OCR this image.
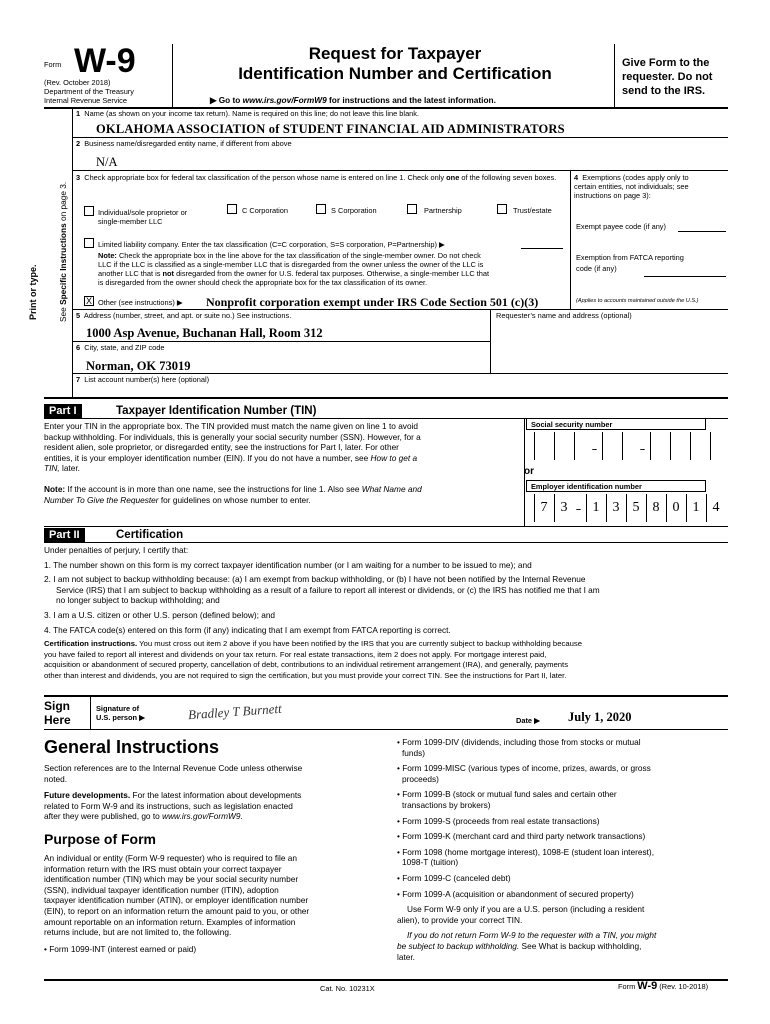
Form W-9
(Rev. October 2018)
Department of the Treasury
Internal Revenue Service
Request for Taxpayer
Identification Number and Certification
▶ Go to www.irs.gov/FormW9 for instructions and the latest information.
Give Form to the
requester. Do not
send to the IRS.
Print or type. See Specific Instructions on page 3.
1 Name (as shown on your income tax return). Name is required on this line; do not leave this line blank.
OKLAHOMA ASSOCIATION of STUDENT FINANCIAL AID ADMINISTRATORS
2 Business name/disregarded entity name, if different from above
N/A
3 Check appropriate box for federal tax classification of the person whose name is entered on line 1. Check only one of the following seven boxes.
Individual/sole proprietor or
single-member LLC
C Corporation	S Corporation	Partnership	Trust/estate
Limited liability company. Enter the tax classification (C=C corporation, S=S corporation, P=Partnership) ▶
Note: Check the appropriate box in the line above for the tax classification of the single-member owner. Do not check
LLC if the LLC is classified as a single-member LLC that is disregarded from the owner unless the owner of the LLC is
another LLC that is not disregarded from the owner for U.S. federal tax purposes. Otherwise, a single-member LLC that
is disregarded from the owner should check the appropriate box for the tax classification of its owner.
X Other (see instructions) ▶ Nonprofit corporation exempt under IRS Code Section 501 (c)(3)
4 Exemptions (codes apply only to
certain entities, not individuals; see
instructions on page 3):
Exempt payee code (if any)
Exemption from FATCA reporting
code (if any)
(Applies to accounts maintained outside the U.S.)
5 Address (number, street, and apt. or suite no.) See instructions.	Requester’s name and address (optional)
1000 Asp Avenue, Buchanan Hall, Room 312
6 City, state, and ZIP code
Norman, OK 73019
7 List account number(s) here (optional)
Part I	Taxpayer Identification Number (TIN)
Enter your TIN in the appropriate box. The TIN provided must match the name given on line 1 to avoid
backup withholding. For individuals, this is generally your social security number (SSN). However, for a
resident alien, sole proprietor, or disregarded entity, see the instructions for Part I, later. For other
entities, it is your employer identification number (EIN). If you do not have a number, see How to get a
TIN, later.
Note: If the account is in more than one name, see the instructions for line 1. Also see What Name and
Number To Give the Requester for guidelines on whose number to enter.
Social security number
–	–
or
Employer identification number
7 3 – 1 3 5 8 0 1 4
Part II	Certification

Under penalties of perjury, I certify that:

1. The number shown on this form is my correct taxpayer identification number (or I am waiting for a number to be issued to me); and

2. I am not subject to backup withholding because: (a) I am exempt from backup withholding, or (b) I have not been notified by the Internal Revenue
Service (IRS) that I am subject to backup withholding as a result of a failure to report all interest or dividends, or (c) the IRS has notified me that I am

no longer subject to backup withholding; and

3. I am a U.S. citizen or other U.S. person (defined below); and

4. The FATCA code(s) entered on this form (if any) indicating that I am exempt from FATCA reporting is correct.

Certification instructions. You must cross out item 2 above if you have been notified by the IRS that you are currently subject to backup withholding because
you have failed to report all interest and dividends on your tax return. For real estate transactions, item 2 does not apply. For mortgage interest paid,
acquisition or abandonment of secured property, cancellation of debt, contributions to an individual retirement arrangement (IRA), and generally, payments
other than interest and dividends, you are not required to sign the certification, but you must provide your correct TIN. See the instructions for Part II, later.
Sign
Here
Signature of
U.S. person ▶	Bradley T Burnett	Date ▶ July 1, 2020
General Instructions

Section references are to the Internal Revenue Code unless otherwise
noted.

Future developments. For the latest information about developments
related to Form W-9 and its instructions, such as legislation enacted
after they were published, go to www.irs.gov/FormW9.

Purpose of Form

An individual or entity (Form W-9 requester) who is required to file an
information return with the IRS must obtain your correct taxpayer
identification number (TIN) which may be your social security number
(SSN), individual taxpayer identification number (ITIN), adoption
taxpayer identification number (ATIN), or employer identification number
(EIN), to report on an information return the amount paid to you, or other
amount reportable on an information return. Examples of information
returns include, but are not limited to, the following.

• Form 1099-INT (interest earned or paid)

• Form 1099-DIV (dividends, including those from stocks or mutual
funds)
• Form 1099-MISC (various types of income, prizes, awards, or gross
proceeds)
• Form 1099-B (stock or mutual fund sales and certain other
transactions by brokers)
• Form 1099-S (proceeds from real estate transactions)
• Form 1099-K (merchant card and third party network transactions)
• Form 1098 (home mortgage interest), 1098-E (student loan interest),
1098-T (tuition)
• Form 1099-C (canceled debt)
• Form 1099-A (acquisition or abandonment of secured property)
Use Form W-9 only if you are a U.S. person (including a resident
alien), to provide your correct TIN.
If you do not return Form W-9 to the requester with a TIN, you might
be subject to backup withholding. See What is backup withholding,
later.
Cat. No. 10231X	Form W-9 (Rev. 10-2018)
